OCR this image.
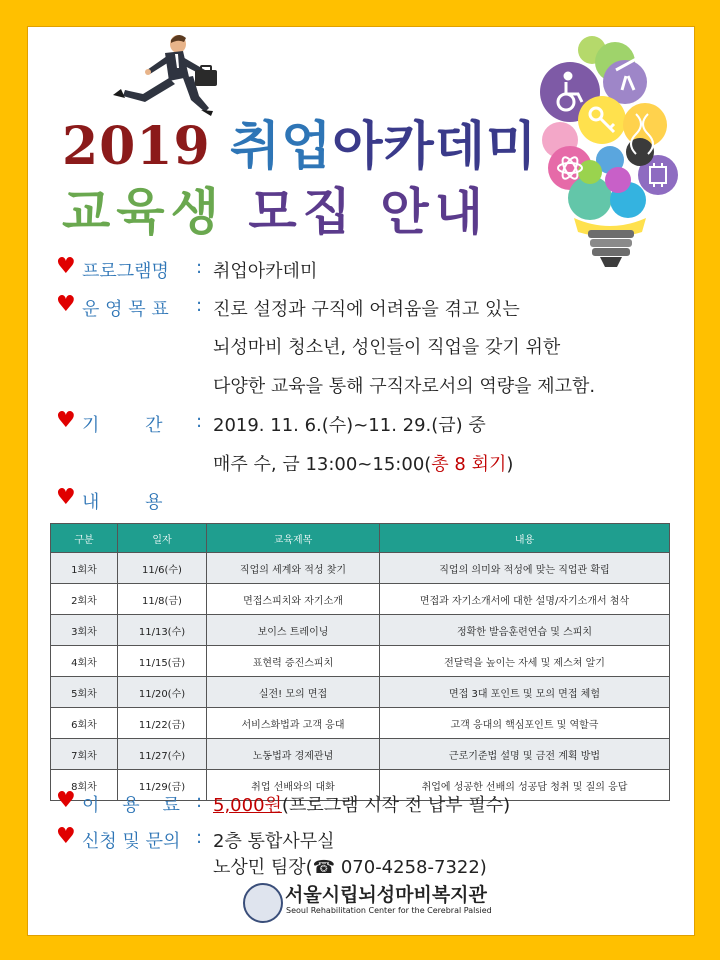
2019 취업아카데미
교육생 모집 안내
♥ 프로그램명 : 취업아카데미
♥ 운 영 목 표 : 진로 설정과 구직에 어려움을 겪고 있는
뇌성마비 청소년, 성인들이 직업을 갖기 위한
다양한 교육을 통해 구직자로서의 역량을 제고함.
♥ 기        간 : 2019. 11. 6.(수)~11. 29.(금) 중
매주 수, 금 13:00~15:00(총 8 회기)
♥ 내        용
구분	일자	교육제목	내용
1회차	11/6(수)	직업의 세계와 적성 찾기	직업의 의미와 적성에 맞는 직업관 확립
2회차	11/8(금)	면접스피치와 자기소개	면접과 자기소개서에 대한 설명/자기소개서 첨삭
3회차	11/13(수)	보이스 트레이닝	정확한 발음훈련연습 및 스피치
4회차	11/15(금)	표현력 증진스피치	전달력을 높이는 자세 및 제스쳐 알기
5회차	11/20(수)	실전! 모의 면접	면접 3대 포인트 및 모의 면접 체험
6회차	11/22(금)	서비스화법과 고객 응대	고객 응대의 핵심포인트 및 역할극
7회차	11/27(수)	노동법과 경제관념	근로기준법 설명 및 금전 계획 방법
8회차	11/29(금)	취업 선배와의 대화	취업에 성공한 선배의 성공담 청취 및 질의 응답
♥ 이    용    료 : 5,000원(프로그램 시작 전 납부 필수)
♥ 신청 및 문의 : 2층 통합사무실
노상민 팀장(☎ 070-4258-7322)
서울시립뇌성마비복지관
Seoul Rehabilitation Center for the Cerebral Palsied
